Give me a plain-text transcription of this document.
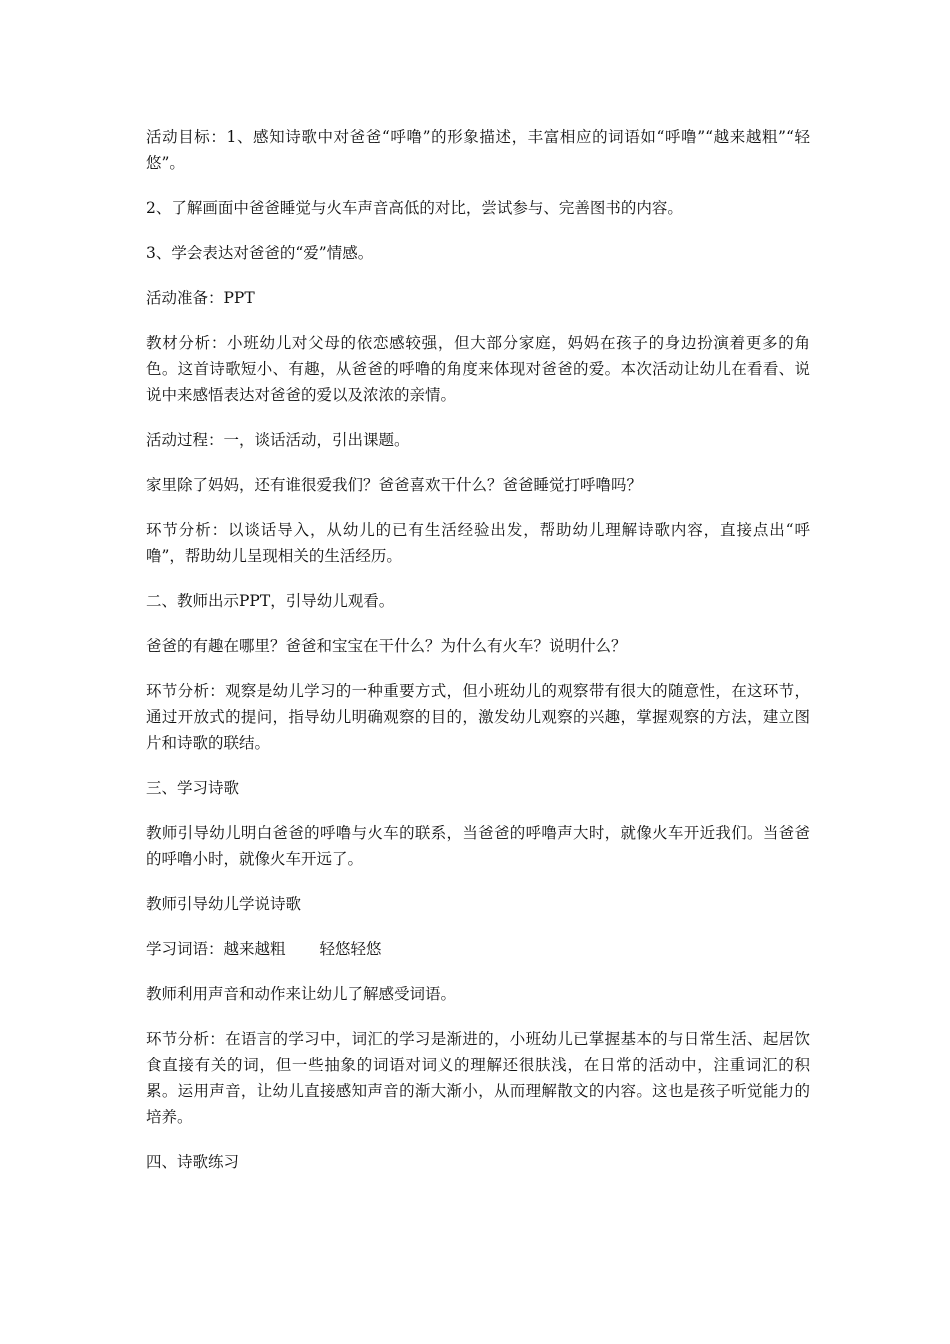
活动目标：1、感知诗歌中对爸爸“呼噜”的形象描述，丰富相应的词语如“呼噜”“越来越粗”“轻悠”。

2、了解画面中爸爸睡觉与火车声音高低的对比，尝试参与、完善图书的内容。

3、学会表达对爸爸的“爱”情感。

活动准备：PPT

教材分析：小班幼儿对父母的依恋感较强，但大部分家庭，妈妈在孩子的身边扮演着更多的角色。这首诗歌短小、有趣，从爸爸的呼噜的角度来体现对爸爸的爱。本次活动让幼儿在看看、说说中来感悟表达对爸爸的爱以及浓浓的亲情。

活动过程：一，谈话活动，引出课题。

家里除了妈妈，还有谁很爱我们？爸爸喜欢干什么？爸爸睡觉打呼噜吗？

环节分析：以谈话导入，从幼儿的已有生活经验出发，帮助幼儿理解诗歌内容，直接点出“呼噜”，帮助幼儿呈现相关的生活经历。

二、教师出示PPT，引导幼儿观看。

爸爸的有趣在哪里？爸爸和宝宝在干什么？为什么有火车？说明什么？

环节分析：观察是幼儿学习的一种重要方式，但小班幼儿的观察带有很大的随意性，在这环节，通过开放式的提问，指导幼儿明确观察的目的，激发幼儿观察的兴趣，掌握观察的方法，建立图片和诗歌的联结。

三、学习诗歌

教师引导幼儿明白爸爸的呼噜与火车的联系，当爸爸的呼噜声大时，就像火车开近我们。当爸爸的呼噜小时，就像火车开远了。

教师引导幼儿学说诗歌

学习词语：越来越粗 轻悠轻悠

教师利用声音和动作来让幼儿了解感受词语。

环节分析：在语言的学习中，词汇的学习是渐进的，小班幼儿已掌握基本的与日常生活、起居饮食直接有关的词，但一些抽象的词语对词义的理解还很肤浅，在日常的活动中，注重词汇的积累。运用声音，让幼儿直接感知声音的渐大渐小，从而理解散文的内容。这也是孩子听觉能力的培养。

四、诗歌练习
